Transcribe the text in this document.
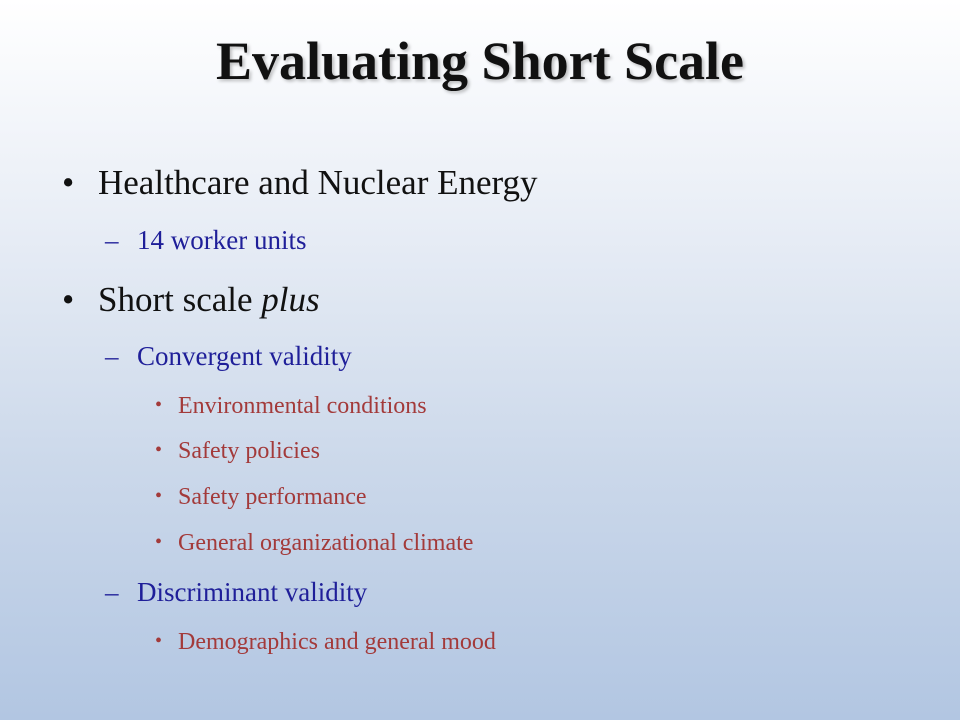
Evaluating Short Scale
• Healthcare and Nuclear Energy
– 14 worker units
• Short scale plus
– Convergent validity
• Environmental conditions
• Safety policies
• Safety performance
• General organizational climate
– Discriminant validity
• Demographics and general mood
